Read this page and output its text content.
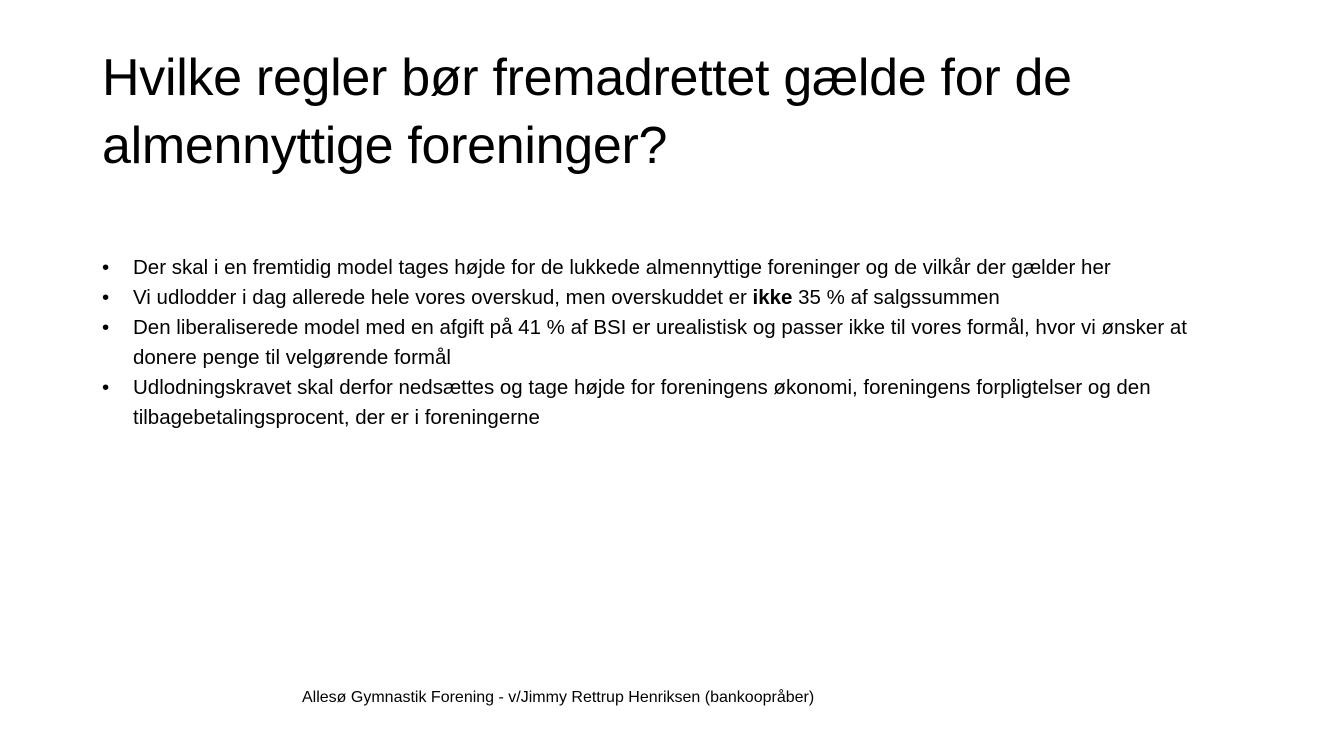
Hvilke regler bør fremadrettet gælde for de almennyttige foreninger?
• Der skal i en fremtidig model tages højde for de lukkede almennyttige foreninger og de vilkår der gælder her
• Vi udlodder i dag allerede hele vores overskud, men overskuddet er ikke 35 % af salgssummen
• Den liberaliserede model med en afgift på 41 % af BSI er urealistisk og passer ikke til vores formål, hvor vi ønsker at donere penge til velgørende formål
• Udlodningskravet skal derfor nedsættes og tage højde for foreningens økonomi, foreningens forpligtelser og den tilbagebetalingsprocent, der er i foreningerne
Allesø Gymnastik Forening - v/Jimmy Rettrup Henriksen (bankoopråber)
